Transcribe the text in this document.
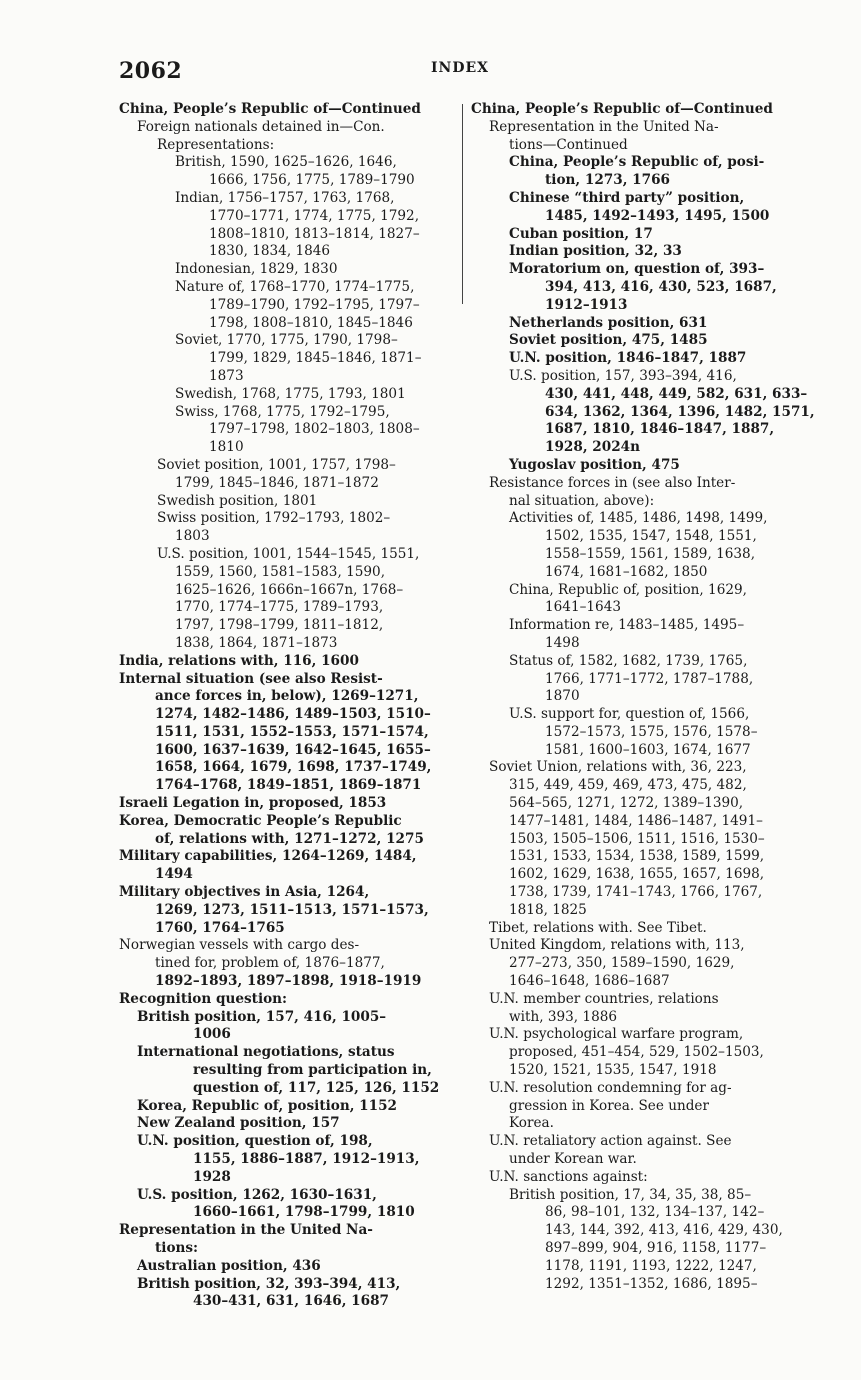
2062	INDEX
China, People’s Republic of—Continued
Foreign nationals detained in—Con.
Representations:
British, 1590, 1625–1626, 1646,
1666, 1756, 1775, 1789–1790
Indian, 1756–1757, 1763, 1768,
1770–1771, 1774, 1775, 1792,
1808–1810, 1813–1814, 1827–
1830, 1834, 1846
Indonesian, 1829, 1830
Nature of, 1768–1770, 1774–1775,
1789–1790, 1792–1795, 1797–
1798, 1808–1810, 1845–1846
Soviet, 1770, 1775, 1790, 1798–
1799, 1829, 1845–1846, 1871–
1873
Swedish, 1768, 1775, 1793, 1801
Swiss, 1768, 1775, 1792–1795,
1797–1798, 1802–1803, 1808–
1810
Soviet position, 1001, 1757, 1798–
1799, 1845–1846, 1871–1872
Swedish position, 1801
Swiss position, 1792–1793, 1802–
1803
U.S. position, 1001, 1544–1545, 1551,
1559, 1560, 1581–1583, 1590,
1625–1626, 1666n–1667n, 1768–
1770, 1774–1775, 1789–1793,
1797, 1798–1799, 1811–1812,
1838, 1864, 1871–1873
India, relations with, 116, 1600
Internal situation (see also Resist-
ance forces in, below), 1269–1271,
1274, 1482–1486, 1489–1503, 1510–
1511, 1531, 1552–1553, 1571–1574,
1600, 1637–1639, 1642–1645, 1655–
1658, 1664, 1679, 1698, 1737–1749,
1764–1768, 1849–1851, 1869–1871
Israeli Legation in, proposed, 1853
Korea, Democratic People’s Republic
of, relations with, 1271–1272, 1275
Military capabilities, 1264–1269, 1484,
1494
Military objectives in Asia, 1264,
1269, 1273, 1511–1513, 1571–1573,
1760, 1764–1765
Norwegian vessels with cargo des-
tined for, problem of, 1876–1877,
1892–1893, 1897–1898, 1918–1919
Recognition question:
British position, 157, 416, 1005–
1006
International negotiations, status
resulting from participation in,
question of, 117, 125, 126, 1152
Korea, Republic of, position, 1152
New Zealand position, 157
U.N. position, question of, 198,
1155, 1886–1887, 1912–1913,
1928
U.S. position, 1262, 1630–1631,
1660–1661, 1798–1799, 1810
Representation in the United Na-
tions:
Australian position, 436
British position, 32, 393–394, 413,
430–431, 631, 1646, 1687
China, People’s Republic of—Continued
Representation in the United Na-
tions—Continued
China, People’s Republic of, posi-
tion, 1273, 1766
Chinese “third party” position,
1485, 1492–1493, 1495, 1500
Cuban position, 17
Indian position, 32, 33
Moratorium on, question of, 393–
394, 413, 416, 430, 523, 1687,
1912–1913
Netherlands position, 631
Soviet position, 475, 1485
U.N. position, 1846–1847, 1887
U.S. position, 157, 393–394, 416,
430, 441, 448, 449, 582, 631, 633–
634, 1362, 1364, 1396, 1482, 1571,
1687, 1810, 1846–1847, 1887,
1928, 2024n
Yugoslav position, 475
Resistance forces in (see also Inter-
nal situation, above):
Activities of, 1485, 1486, 1498, 1499,
1502, 1535, 1547, 1548, 1551,
1558–1559, 1561, 1589, 1638,
1674, 1681–1682, 1850
China, Republic of, position, 1629,
1641–1643
Information re, 1483–1485, 1495–
1498
Status of, 1582, 1682, 1739, 1765,
1766, 1771–1772, 1787–1788,
1870
U.S. support for, question of, 1566,
1572–1573, 1575, 1576, 1578–
1581, 1600–1603, 1674, 1677
Soviet Union, relations with, 36, 223,
315, 449, 459, 469, 473, 475, 482,
564–565, 1271, 1272, 1389–1390,
1477–1481, 1484, 1486–1487, 1491–
1503, 1505–1506, 1511, 1516, 1530–
1531, 1533, 1534, 1538, 1589, 1599,
1602, 1629, 1638, 1655, 1657, 1698,
1738, 1739, 1741–1743, 1766, 1767,
1818, 1825
Tibet, relations with. See Tibet.
United Kingdom, relations with, 113,
277–273, 350, 1589–1590, 1629,
1646–1648, 1686–1687
U.N. member countries, relations
with, 393, 1886
U.N. psychological warfare program,
proposed, 451–454, 529, 1502–1503,
1520, 1521, 1535, 1547, 1918
U.N. resolution condemning for ag-
gression in Korea. See under
Korea.
U.N. retaliatory action against. See
under Korean war.
U.N. sanctions against:
British position, 17, 34, 35, 38, 85–
86, 98–101, 132, 134–137, 142–
143, 144, 392, 413, 416, 429, 430,
897–899, 904, 916, 1158, 1177–
1178, 1191, 1193, 1222, 1247,
1292, 1351–1352, 1686, 1895–
